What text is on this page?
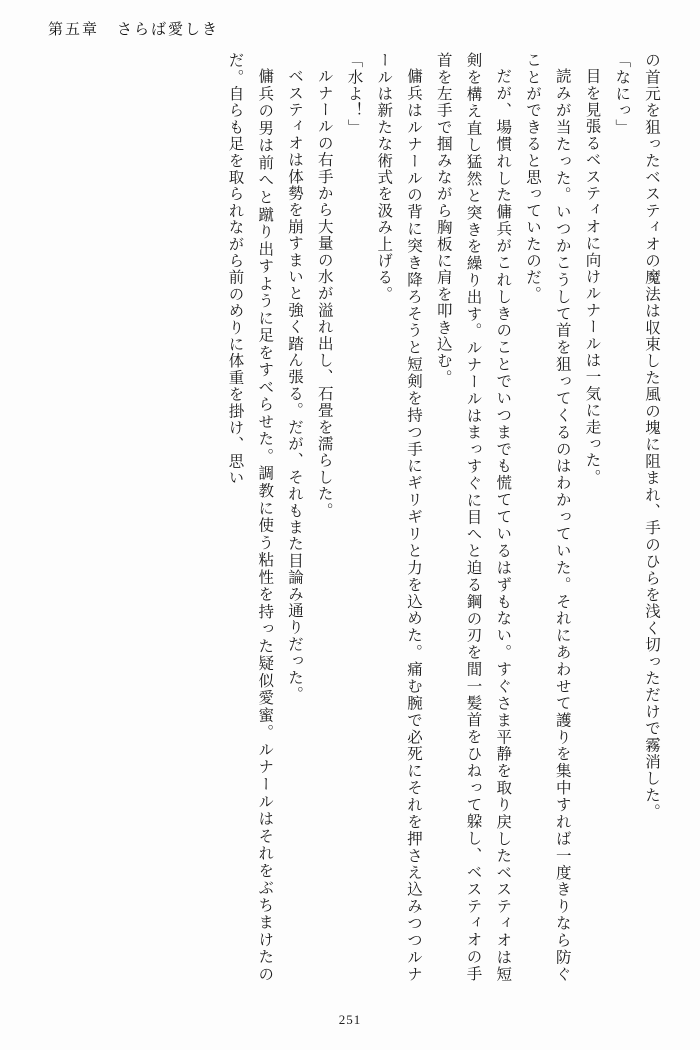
第五章 さらば愛しき

の首元を狙ったベスティオの魔法は収束した風の塊に阻まれ、手のひらを浅く切っただけで霧消した。

「なにっ」

目を見張るベスティオに向けルナールは一気に走った。

読みが当たった。いつかこうして首を狙ってくるのはわかっていた。それにあわせて護りを集中すれば一度きりなら防ぐことができると思っていたのだ。

だが、場慣れした傭兵がこれしきのことでいつまでも慌てているはずもない。すぐさま平静を取り戻したベスティオは短剣を構え直し猛然と突きを繰り出す。ルナールはまっすぐに目へと迫る鋼の刃を間一髪首をひねって躱し、ベスティオの手首を左手で掴みながら胸板に肩を叩き込む。

傭兵はルナールの背に突き降ろそうと短剣を持つ手にギリギリと力を込めた。痛む腕で必死にそれを押さえ込みつつルナールは新たな術式を汲み上げる。

「水よ！」

ルナールの右手から大量の水が溢れ出し、石畳を濡らした。

ベスティオは体勢を崩すまいと強く踏ん張る。だが、それもまた目論み通りだった。

傭兵の男は前へと蹴り出すように足をすべらせた。調教に使う粘性を持った疑似愛蜜。ルナールはそれをぶちまけたのだ。自らも足を取られながら前のめりに体重を掛け、思い

251
